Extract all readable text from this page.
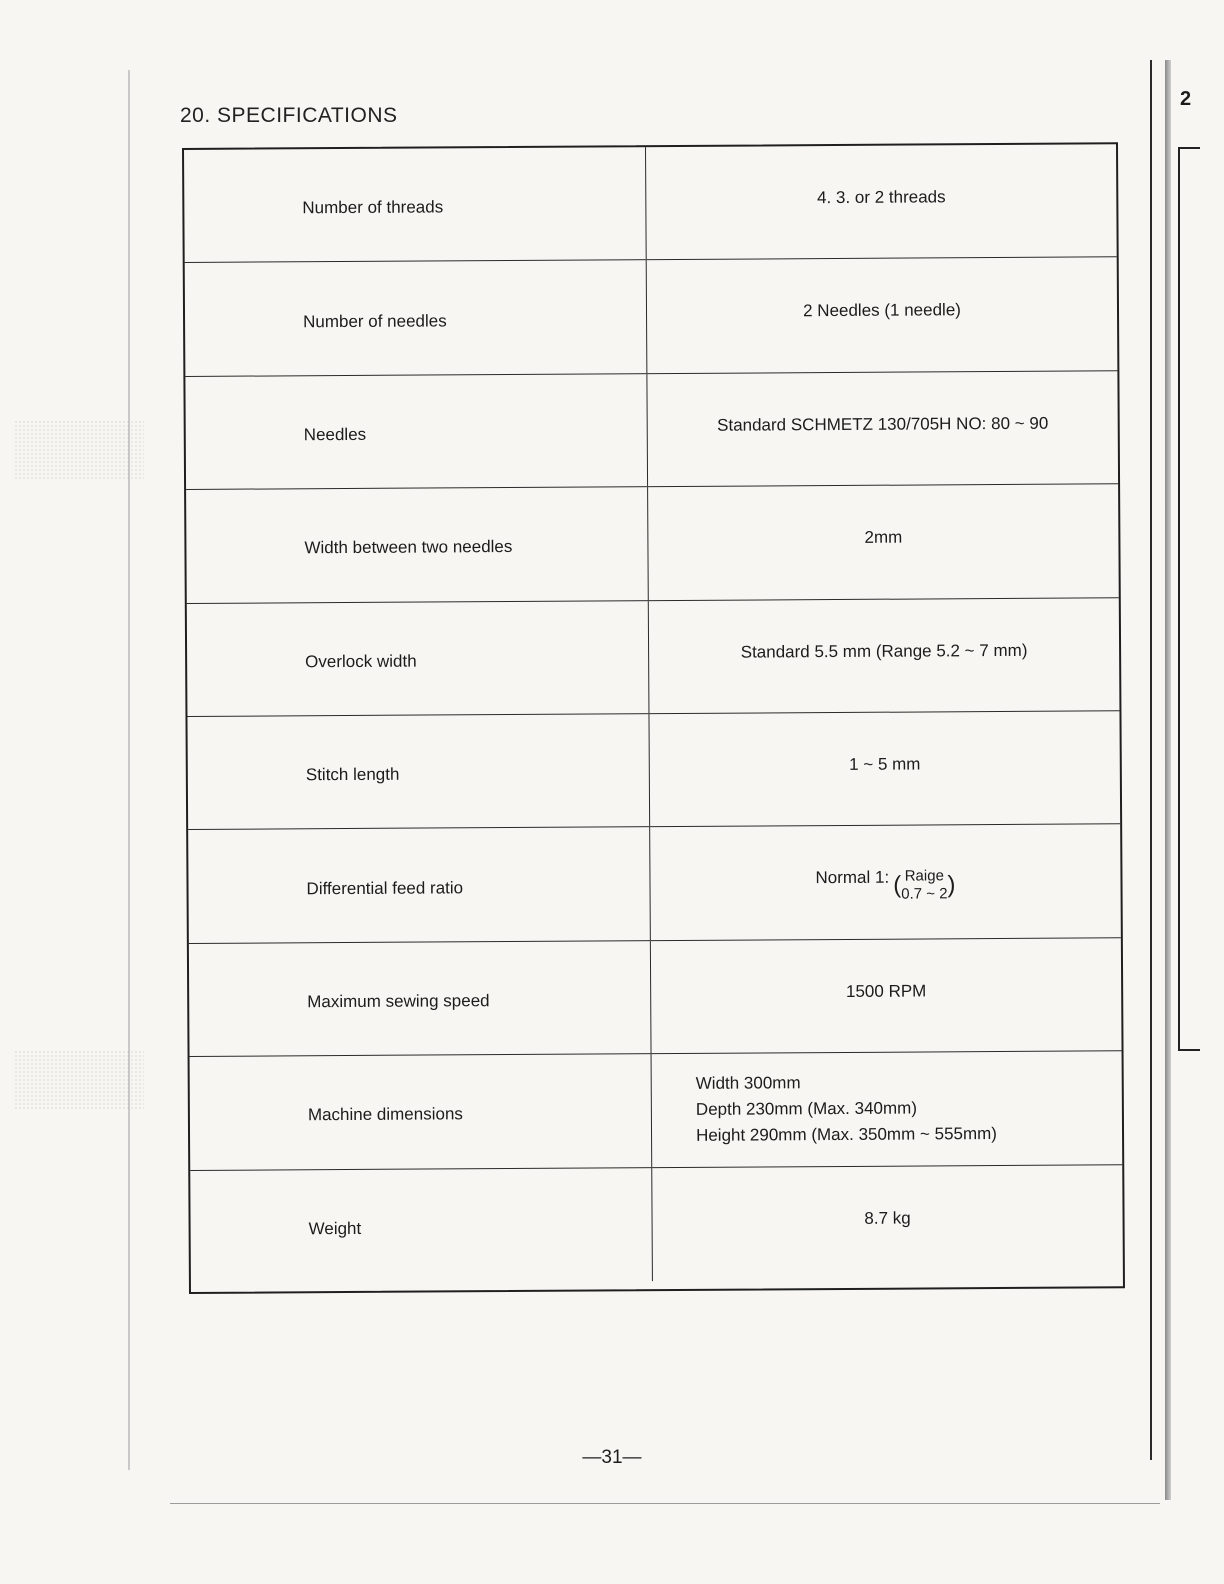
2
20. SPECIFICATIONS
Number of threads
4. 3. or 2 threads
Number of needles
2 Needles (1 needle)
Needles
Standard SCHMETZ 130/705H NO: 80 ~ 90
Width between two needles	2mm
Overlock width
Standard 5.5 mm (Range 5.2 ~ 7 mm)
Stitch length
1 ~ 5 mm
Differential feed ratio
Normal 1: ( Raige
0.7 ~ 2 )
Maximum sewing speed
1500 RPM
Machine dimensions
Width 300mm
Depth 230mm (Max. 340mm)
Height 290mm (Max. 350mm ~ 555mm)
Weight
8.7 kg
—31—
